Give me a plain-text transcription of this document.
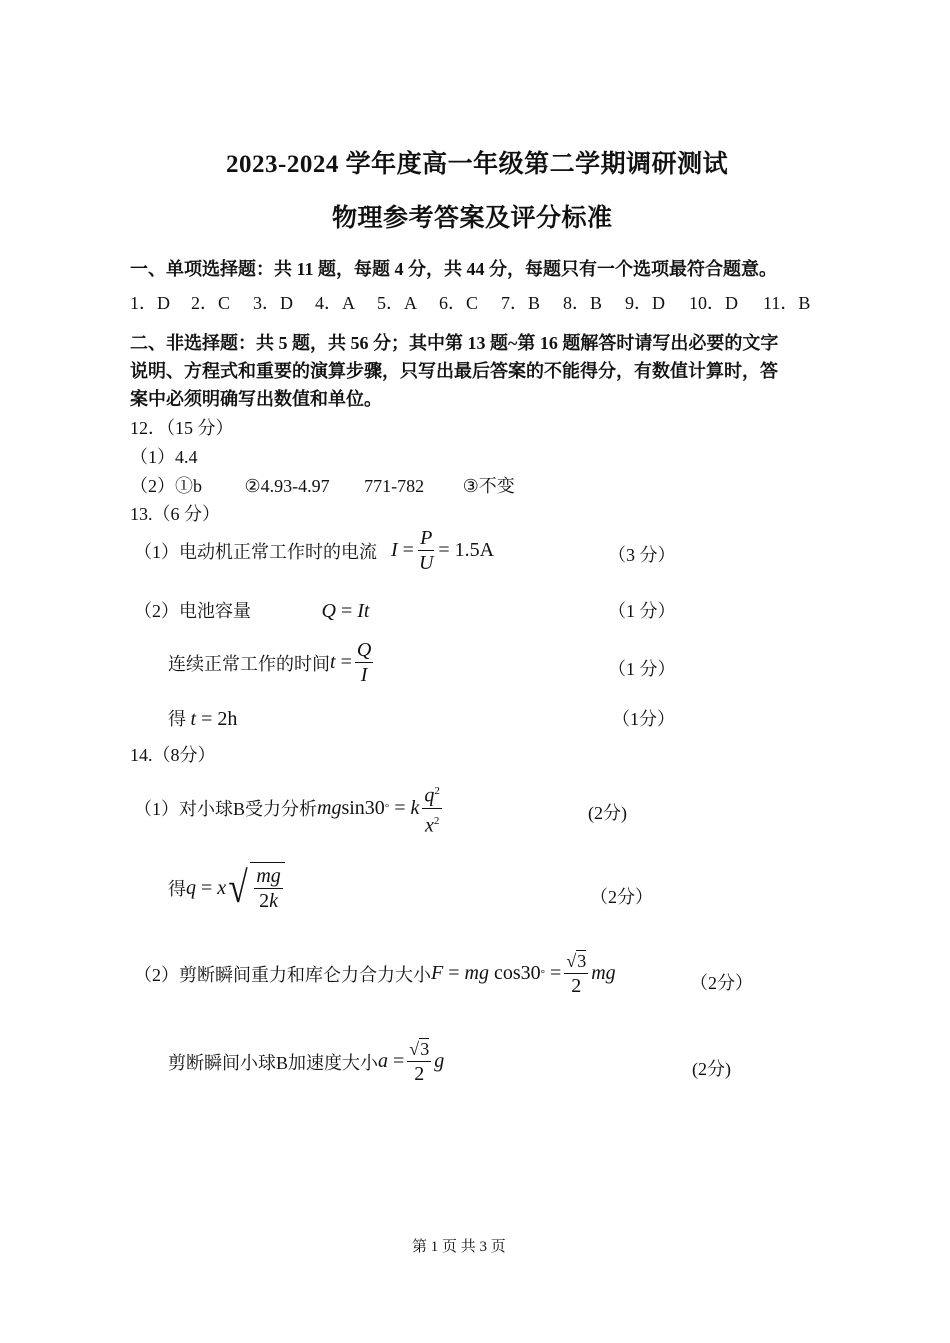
2023-2024 学年度高一年级第二学期调研测试
物理参考答案及评分标准
一、单项选择题：共 11 题，每题 4 分，共 44 分，每题只有一个选项最符合题意。
1．D	2．C	3．D	4．A	5．A	6．C	7．B	8．B	9．D	10．D	11．B
二、非选择题：共 5 题，共 56 分；其中第 13 题~第 16 题解答时请写出必要的文字
说明、方程式和重要的演算步骤，只写出最后答案的不能得分，有数值计算时，答
案中必须明确写出数值和单位。
12．（15 分）
（1）4.4
（2）①b ②4.93-4.97 771-782 ③不变
13.（6 分）
（1）电动机正常工作时的电流 $I = \frac{P}{U} = 1.5A$	（3 分）
（2）电池容量	Q = It	（1 分）
连续正常工作的时间 $t = \frac{Q}{I}$	（1 分）
得 t = 2h	（1分）
14.（8分）
（1）对小球B受力分析 mg sin30 ° = k $\frac{q^2}{x^2}$	(2分)
得 q = x √ $\frac{mg}{2k}$	（2分）
（2）剪断瞬间重力和库仑力合力大小 F = mg cos30 ° = $\frac{√3}{2}$ mg	（2分）
剪断瞬间小球B加速度大小 $a = \frac{√3}{2}$ g	(2分)
第 1 页 共 3 页
